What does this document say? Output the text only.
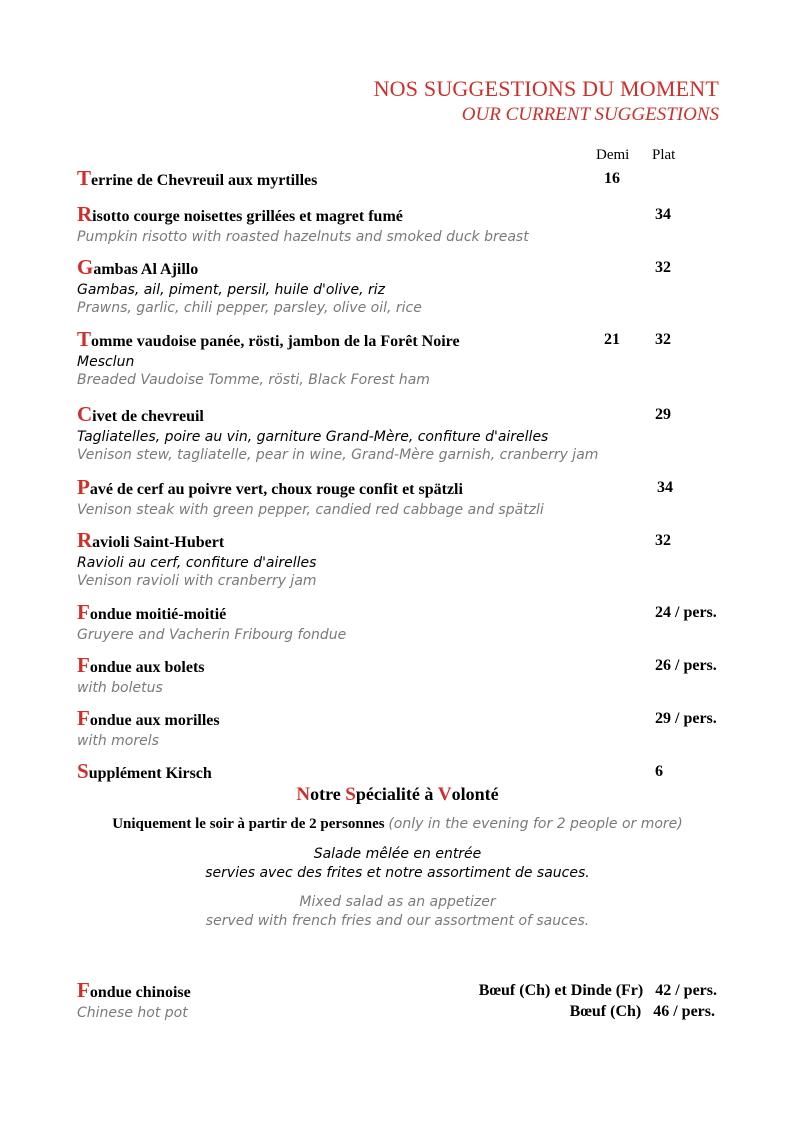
NOS SUGGESTIONS DU MOMENT
OUR CURRENT SUGGESTIONS
Demi Plat
Terrine de Chevreuil aux myrtilles	16
Risotto courge noisettes grillées et magret fumé
Pumpkin risotto with roasted hazelnuts and smoked duck breast
34
Gambas Al Ajillo
Gambas, ail, piment, persil, huile d'olive, riz
Prawns, garlic, chili pepper, parsley, olive oil, rice
32
Tomme vaudoise panée, rösti, jambon de la Forêt Noire
Mesclun
Breaded Vaudoise Tomme, rösti, Black Forest ham
21 32
Civet de chevreuil
Tagliatelles, poire au vin, garniture Grand-Mère, confiture d'airelles
Venison stew, tagliatelle, pear in wine, Grand-Mère garnish, cranberry jam
29
Pavé de cerf au poivre vert, choux rouge confit et spätzli
Venison steak with green pepper, candied red cabbage and spätzli
34
Ravioli Saint-Hubert
Ravioli au cerf, confiture d'airelles
Venison ravioli with cranberry jam
32
Fondue moitié-moitié
Gruyere and Vacherin Fribourg fondue
24 / pers.
Fondue aux bolets
with boletus
26 / pers.
Fondue aux morilles
with morels
29 / pers.
Supplément Kirsch	6
Notre Spécialité à Volonté
Uniquement le soir à partir de 2 personnes (only in the evening for 2 people or more)
Salade mêlée en entrée
servies avec des frites et notre assortiment de sauces.
Mixed salad as an appetizer
served with french fries and our assortment of sauces.
Fondue chinoise
Chinese hot pot
Bœuf (Ch) et Dinde (Fr) 42 / pers.
Bœuf (Ch) 46 / pers.
